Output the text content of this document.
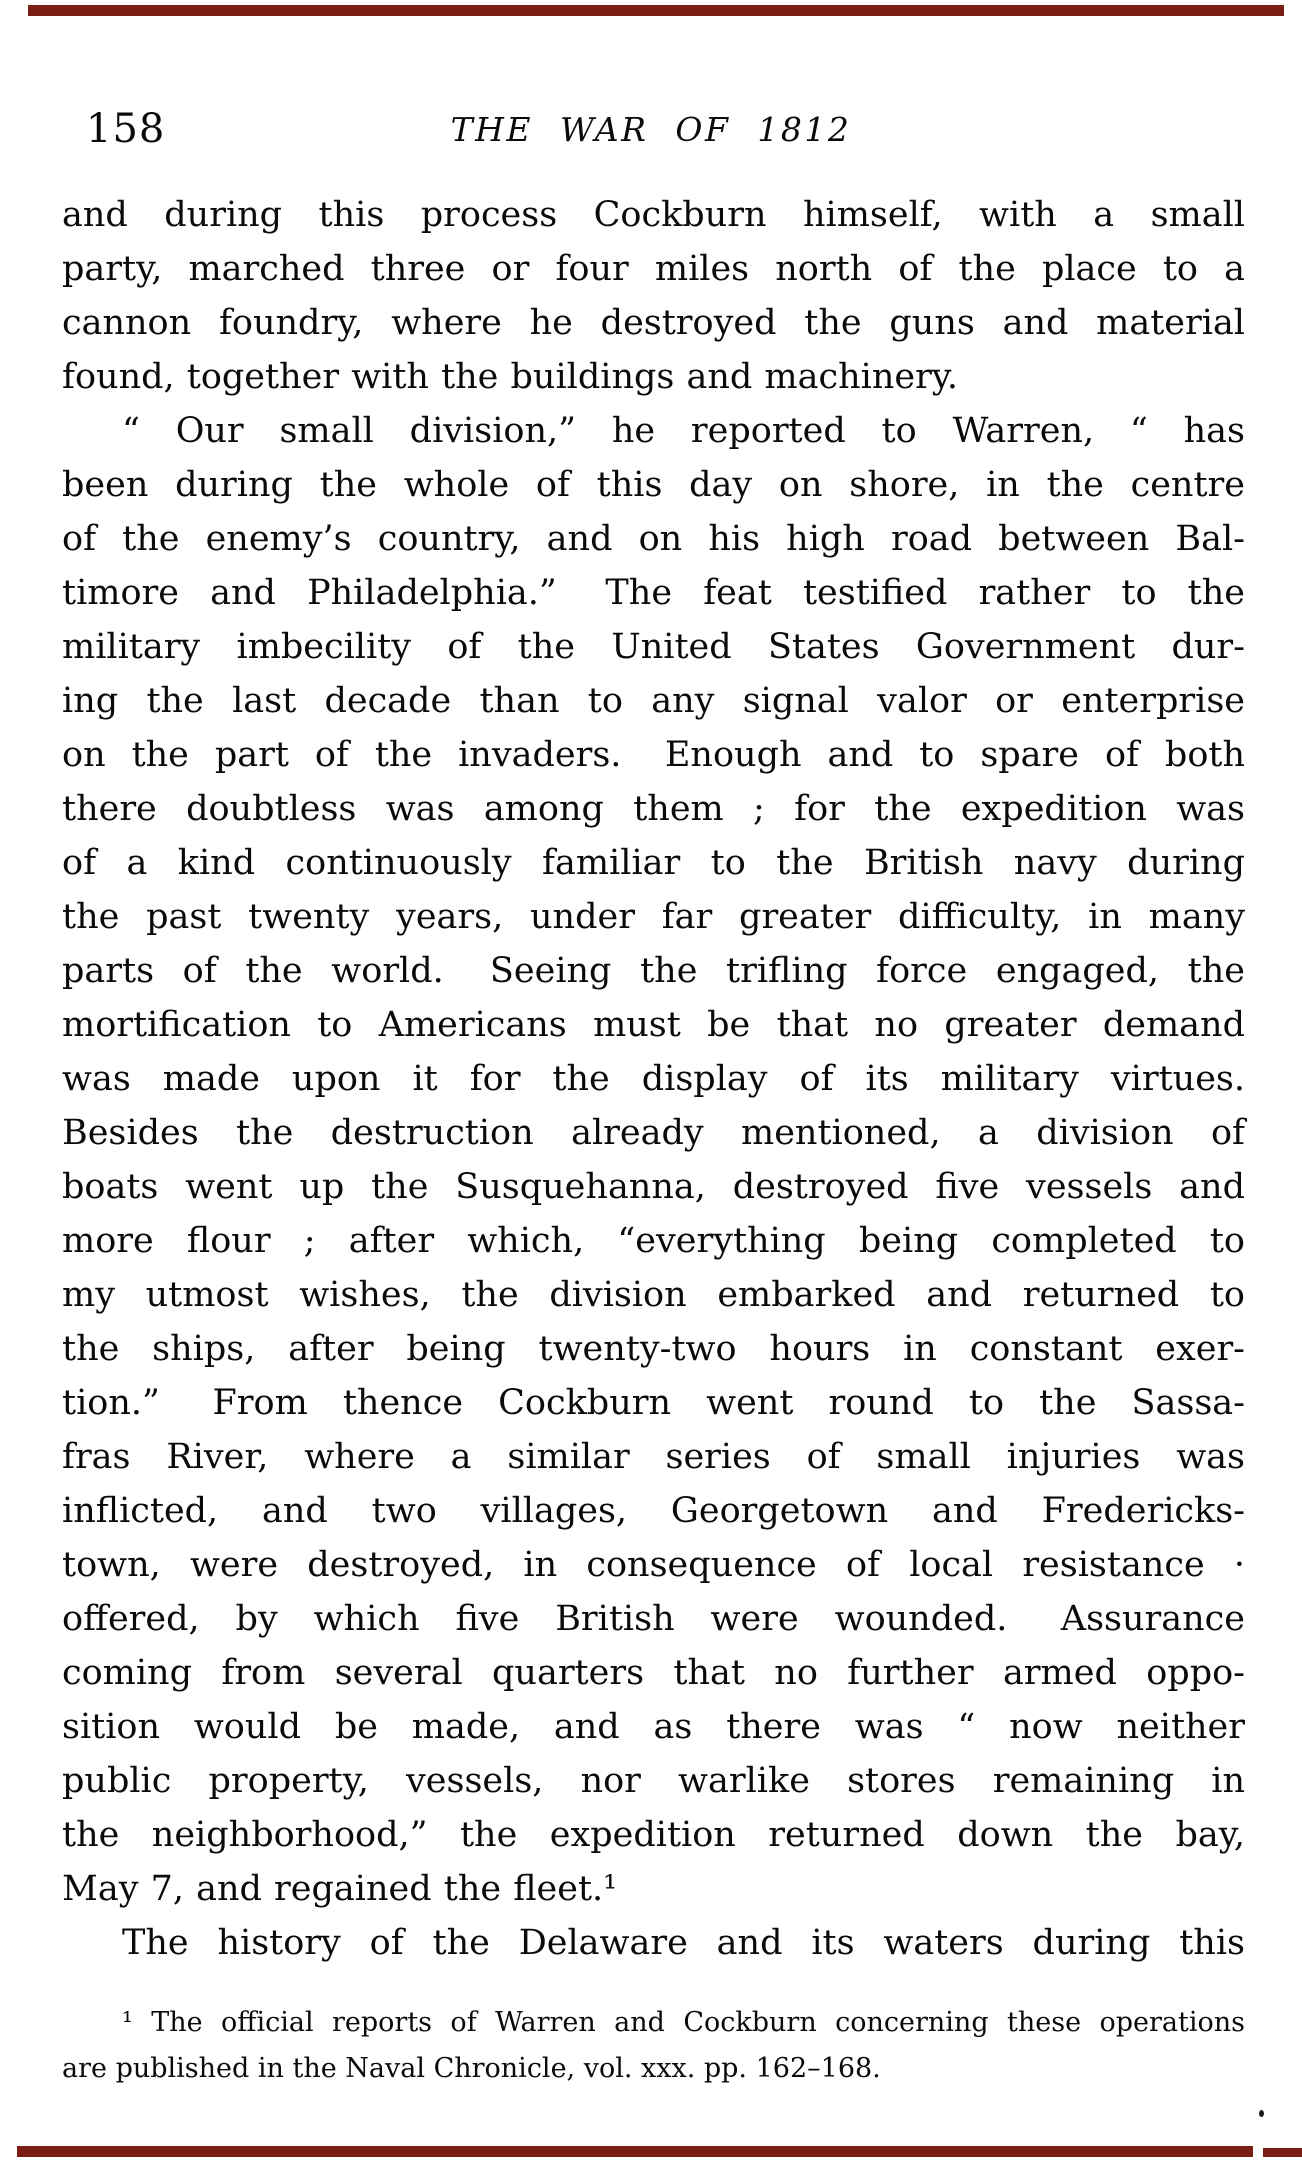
158	THE WAR OF 1812
and during this process Cockburn himself, with a small
party, marched three or four miles north of the place to a
cannon foundry, where he destroyed the guns and material
found, together with the buildings and machinery.
“ Our small division,” he reported to Warren, “ has
been during the whole of this day on shore, in the centre
of the enemy’s country, and on his high road between Bal-
timore and Philadelphia.”  The feat testified rather to the
military imbecility of the United States Government dur-
ing the last decade than to any signal valor or enterprise
on the part of the invaders.  Enough and to spare of both
there doubtless was among them ; for the expedition was
of a kind continuously familiar to the British navy during
the past twenty years, under far greater difficulty, in many
parts of the world.  Seeing the trifling force engaged, the
mortification to Americans must be that no greater demand
was made upon it for the display of its military virtues.
Besides the destruction already mentioned, a division of
boats went up the Susquehanna, destroyed five vessels and
more flour ; after which, “everything being completed to
my utmost wishes, the division embarked and returned to
the ships, after being twenty-two hours in constant exer-
tion.”  From thence Cockburn went round to the Sassa-
fras River, where a similar series of small injuries was
inflicted, and two villages, Georgetown and Fredericks-
town, were destroyed, in consequence of local resistance ·
offered, by which five British were wounded.  Assurance
coming from several quarters that no further armed oppo-
sition would be made, and as there was “ now neither
public property, vessels, nor warlike stores remaining in
the neighborhood,” the expedition returned down the bay,
May 7, and regained the fleet.¹
The history of the Delaware and its waters during this
¹ The official reports of Warren and Cockburn concerning these operations
are published in the Naval Chronicle, vol. xxx. pp. 162–168.
